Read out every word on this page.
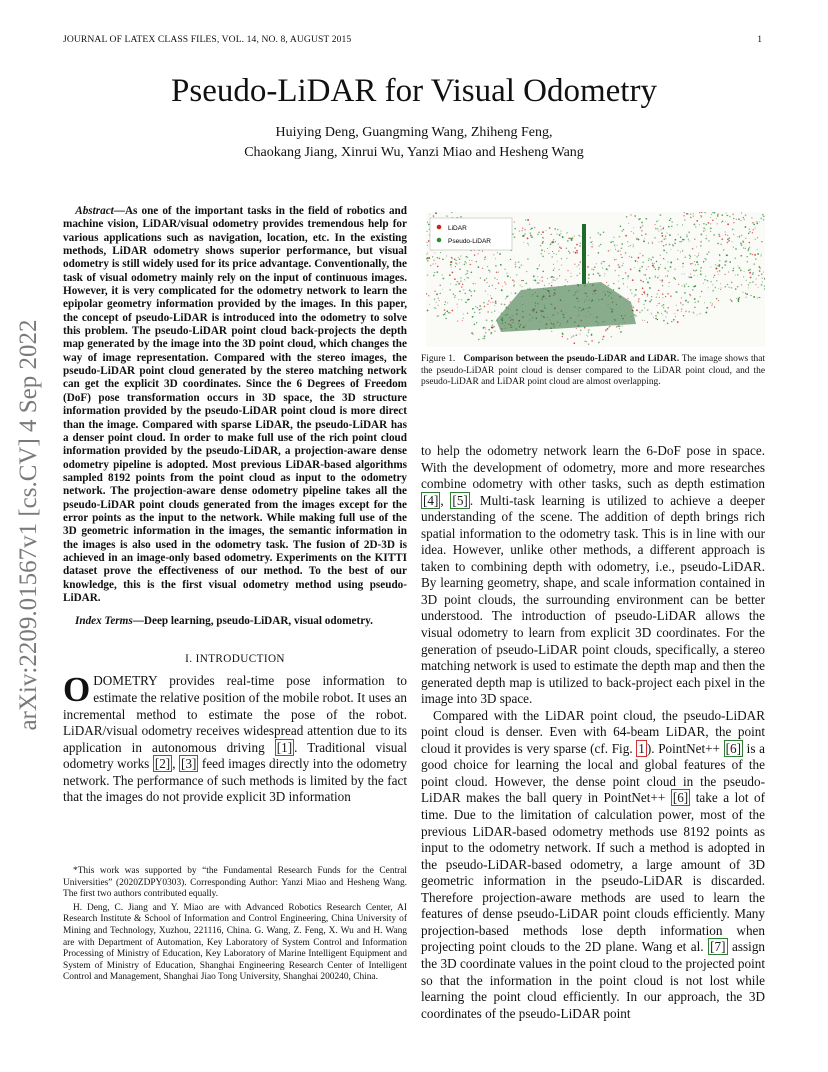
JOURNAL OF LATEX CLASS FILES, VOL. 14, NO. 8, AUGUST 2015	1
arXiv:2209.01567v1 [cs.CV] 4 Sep 2022
Pseudo-LiDAR for Visual Odometry
Huiying Deng, Guangming Wang, Zhiheng Feng,
Chaokang Jiang, Xinrui Wu, Yanzi Miao and Hesheng Wang
Abstract—As one of the important tasks in the field of robotics and machine vision, LiDAR/visual odometry provides tremendous help for various applications such as navigation, location, etc. In the existing methods, LiDAR odometry shows superior performance, but visual odometry is still widely used for its price advantage. Conventionally, the task of visual odometry mainly rely on the input of continuous images. However, it is very complicated for the odometry network to learn the epipolar geometry information provided by the images. In this paper, the concept of pseudo-LiDAR is introduced into the odometry to solve this problem. The pseudo-LiDAR point cloud back-projects the depth map generated by the image into the 3D point cloud, which changes the way of image representation. Compared with the stereo images, the pseudo-LiDAR point cloud generated by the stereo matching network can get the explicit 3D coordinates. Since the 6 Degrees of Freedom (DoF) pose transformation occurs in 3D space, the 3D structure information provided by the pseudo-LiDAR point cloud is more direct than the image. Compared with sparse LiDAR, the pseudo-LiDAR has a denser point cloud. In order to make full use of the rich point cloud information provided by the pseudo-LiDAR, a projection-aware dense odometry pipeline is adopted. Most previous LiDAR-based algorithms sampled 8192 points from the point cloud as input to the odometry network. The projection-aware dense odometry pipeline takes all the pseudo-LiDAR point clouds generated from the images except for the error points as the input to the network. While making full use of the 3D geometric information in the images, the semantic information in the images is also used in the odometry task. The fusion of 2D-3D is achieved in an image-only based odometry. Experiments on the KITTI dataset prove the effectiveness of our method. To the best of our knowledge, this is the first visual odometry method using pseudo-LiDAR.
Index Terms—Deep learning, pseudo-LiDAR, visual odometry.
I. INTRODUCTION

ODOMETRY provides real-time pose information to estimate the relative position of the mobile robot. It uses an incremental method to estimate the pose of the robot. LiDAR/visual odometry receives widespread attention due to its application in autonomous driving [1] . Traditional visual odometry works [2] , [3] feed images directly into the odometry network. The performance of such methods is limited by the fact that the images do not provide explicit 3D information

*This work was supported by “the Fundamental Research Funds for the Central Universities” (2020ZDPY0303). Corresponding Author: Yanzi Miao and Hesheng Wang. The first two authors contributed equally.

H. Deng, C. Jiang and Y. Miao are with Advanced Robotics Research Center, AI Research Institute & School of Information and Control Engineering, China University of Mining and Technology, Xuzhou, 221116, China. G. Wang, Z. Feng, X. Wu and H. Wang are with Department of Automation, Key Laboratory of System Control and Information Processing of Ministry of Education, Key Laboratory of Marine Intelligent Equipment and System of Ministry of Education, Shanghai Engineering Research Center of Intelligent Control and Management, Shanghai Jiao Tong University, Shanghai 200240, China.

LiDAR
Pseudo-LiDAR
Figure 1. Comparison between the pseudo-LiDAR and LiDAR. The image shows that the pseudo-LiDAR point cloud is denser compared to the LiDAR point cloud, and the pseudo-LiDAR and LiDAR point cloud are almost overlapping.

to help the odometry network learn the 6-DoF pose in space. With the development of odometry, more and more researches combine odometry with other tasks, such as depth estimation [4] , [5] . Multi-task learning is utilized to achieve a deeper understanding of the scene. The addition of depth brings rich spatial information to the odometry task. This is in line with our idea. However, unlike other methods, a different approach is taken to combining depth with odometry, i.e., pseudo-LiDAR. By learning geometry, shape, and scale information contained in 3D point clouds, the surrounding environment can be better understood. The introduction of pseudo-LiDAR allows the visual odometry to learn from explicit 3D coordinates. For the generation of pseudo-LiDAR point clouds, specifically, a stereo matching network is used to estimate the depth map and then the generated depth map is utilized to back-project each pixel in the image into 3D space.

Compared with the LiDAR point cloud, the pseudo-LiDAR point cloud is denser. Even with 64-beam LiDAR, the point cloud it provides is very sparse (cf. Fig. 1 ). PointNet++ [6] is a good choice for learning the local and global features of the point cloud. However, the dense point cloud in the pseudo-LiDAR makes the ball query in PointNet++ [6] take a lot of time. Due to the limitation of calculation power, most of the previous LiDAR-based odometry methods use 8192 points as input to the odometry network. If such a method is adopted in the pseudo-LiDAR-based odometry, a large amount of 3D geometric information in the pseudo-LiDAR is discarded. Therefore projection-aware methods are used to learn the features of dense pseudo-LiDAR point clouds efficiently. Many projection-based methods lose depth information when projecting point clouds to the 2D plane. Wang et al. [7] assign the 3D coordinate values in the point cloud to the projected point so that the information in the point cloud is not lost while learning the point cloud efficiently. In our approach, the 3D coordinates of the pseudo-LiDAR point
